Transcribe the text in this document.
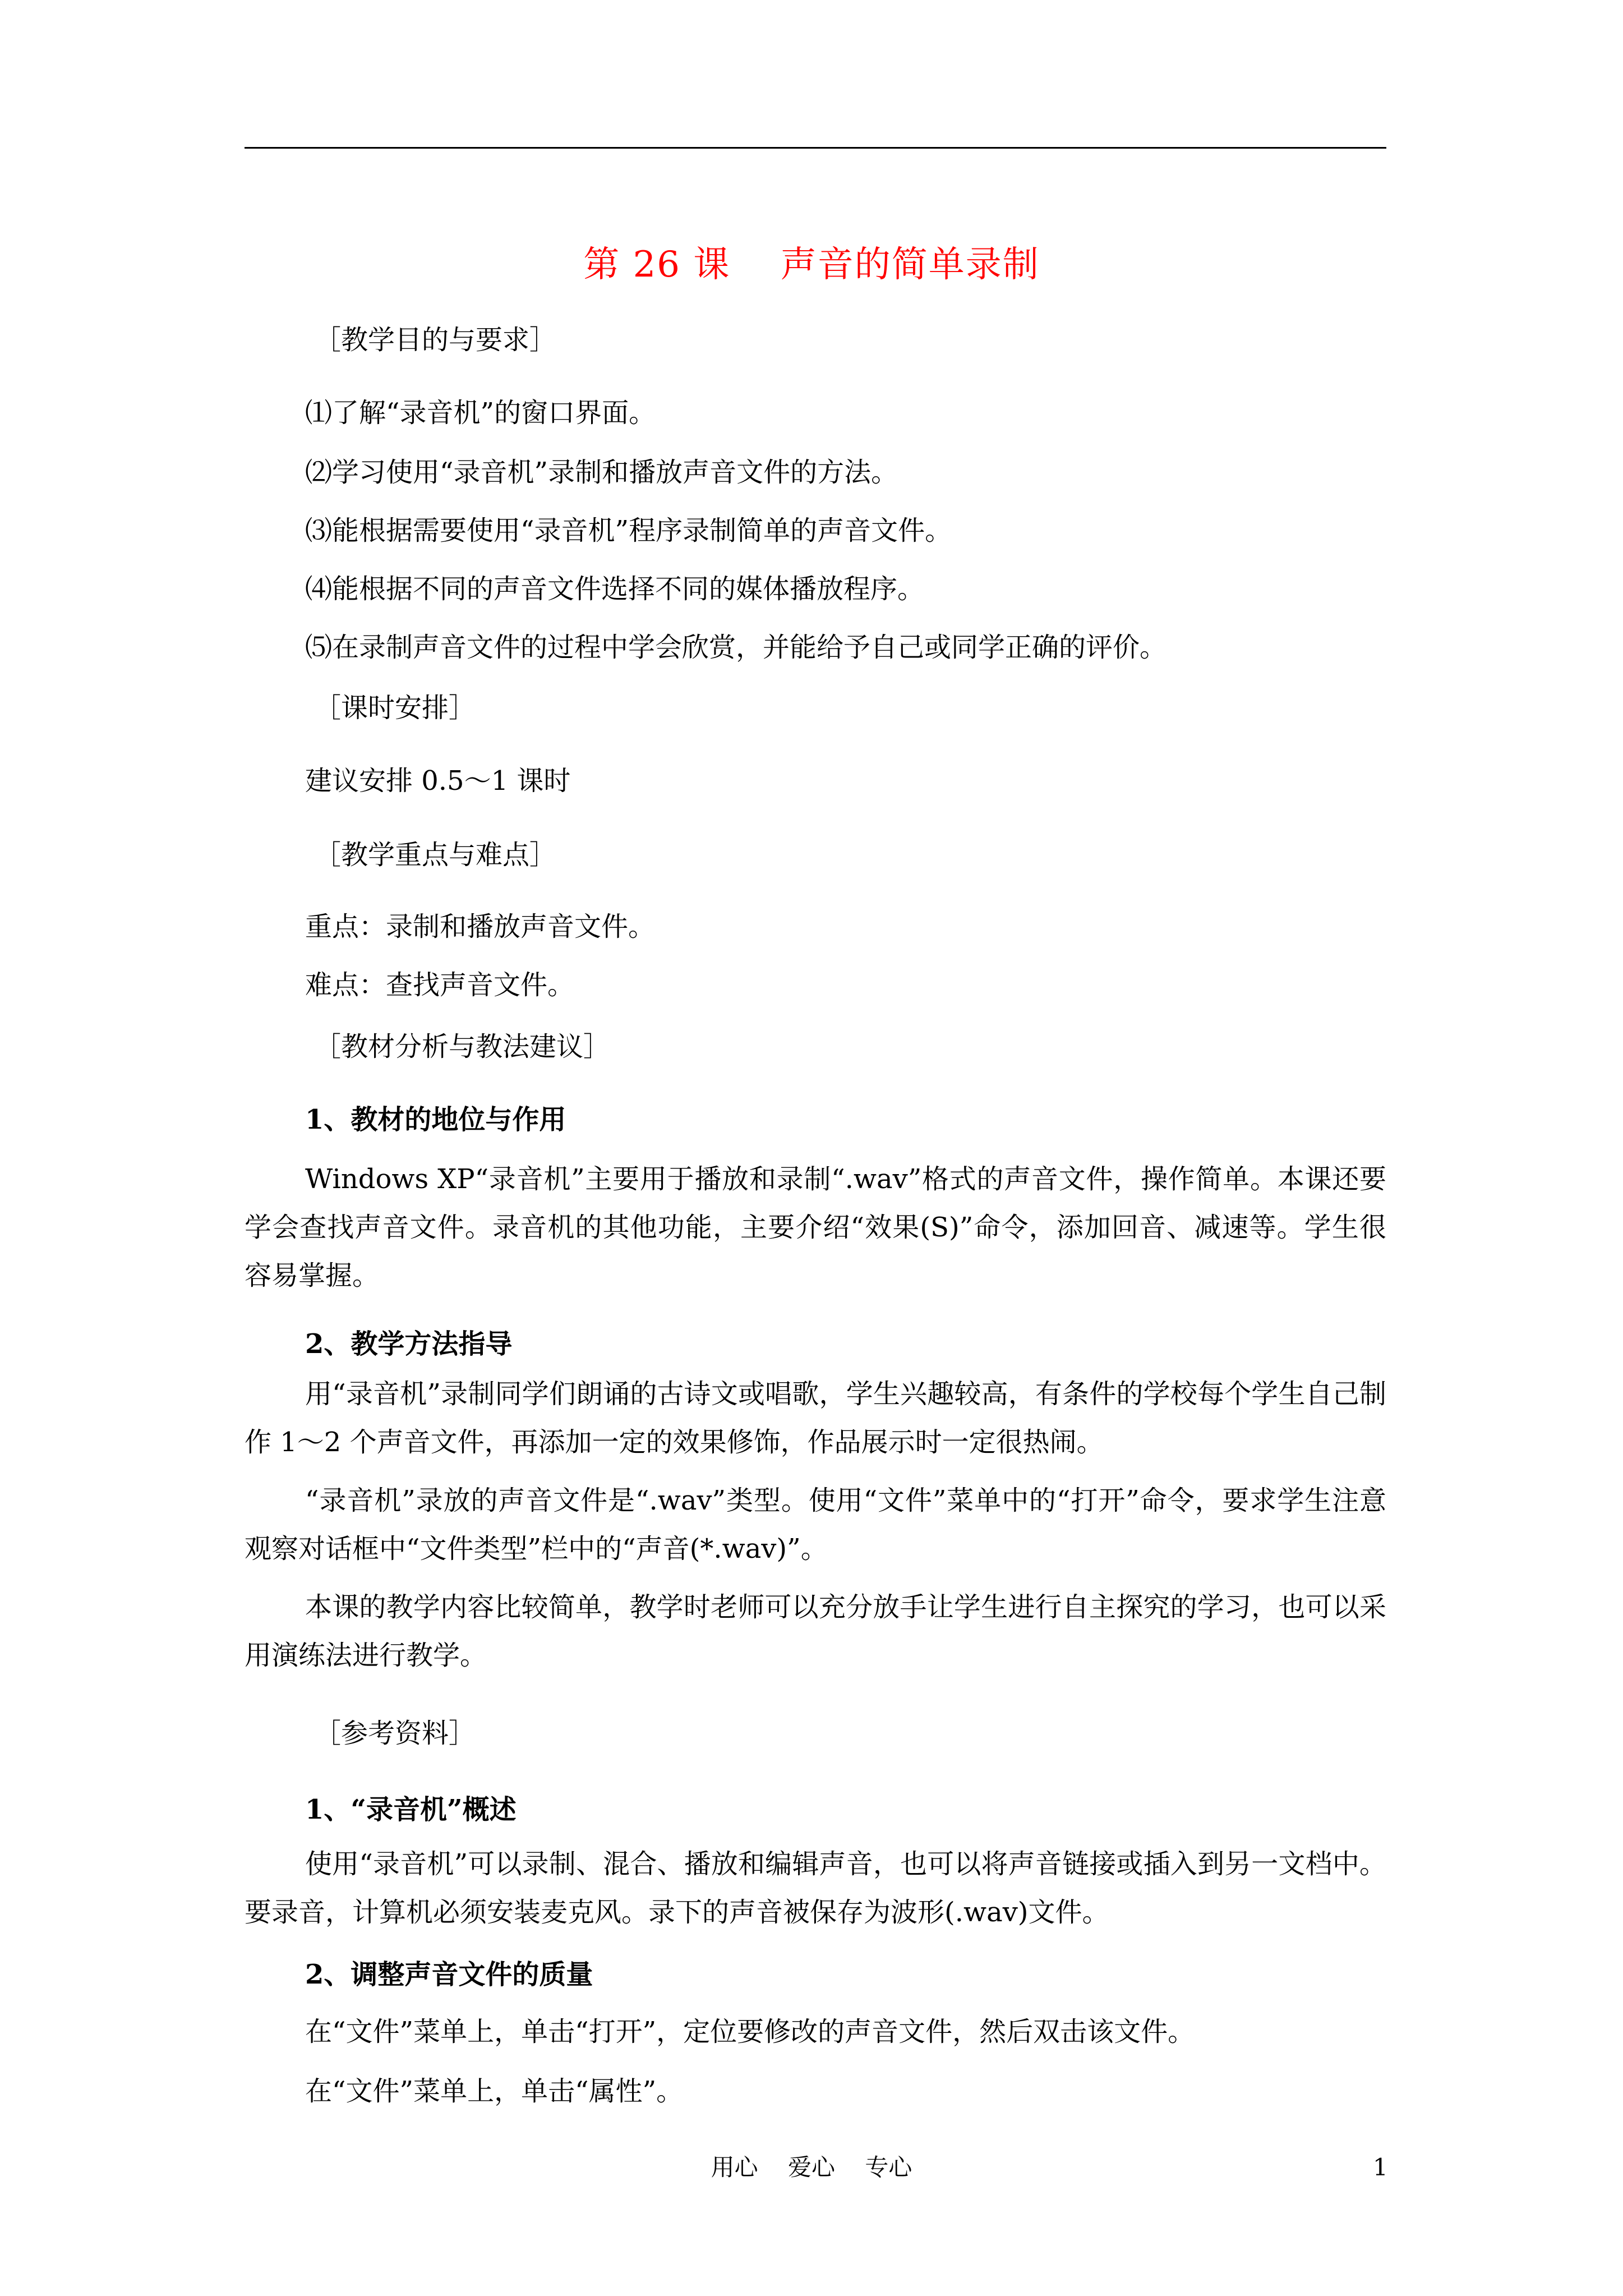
第 26 课    声音的简单录制
［教学目的与要求］
⑴了解“录音机”的窗口界面。
⑵学习使用“录音机”录制和播放声音文件的方法。
⑶能根据需要使用“录音机”程序录制简单的声音文件。
⑷能根据不同的声音文件选择不同的媒体播放程序。
⑸在录制声音文件的过程中学会欣赏，并能给予自己或同学正确的评价。
［课时安排］
建议安排 0.5～1 课时
［教学重点与难点］
重点：录制和播放声音文件。
难点：查找声音文件。
［教材分析与教法建议］
1、教材的地位与作用
Windows XP“录音机”主要用于播放和录制“.wav”格式的声音文件，操作简单。本课还要学会查找声音文件。录音机的其他功能，主要介绍“效果(S)”命令，添加回音、减速等。学生很容易掌握。
2、教学方法指导
用“录音机”录制同学们朗诵的古诗文或唱歌，学生兴趣较高，有条件的学校每个学生自己制作 1～2 个声音文件，再添加一定的效果修饰，作品展示时一定很热闹。
“录音机”录放的声音文件是“.wav”类型。使用“文件”菜单中的“打开”命令，要求学生注意观察对话框中“文件类型”栏中的“声音(*.wav)”。
本课的教学内容比较简单，教学时老师可以充分放手让学生进行自主探究的学习，也可以采用演练法进行教学。
［参考资料］
1、“录音机”概述
使用“录音机”可以录制、混合、播放和编辑声音，也可以将声音链接或插入到另一文档中。要录音，计算机必须安装麦克风。录下的声音被保存为波形(.wav)文件。
2、调整声音文件的质量
在“文件”菜单上，单击“打开”，定位要修改的声音文件，然后双击该文件。
在“文件”菜单上，单击“属性”。
用心    爱心    专心	1
